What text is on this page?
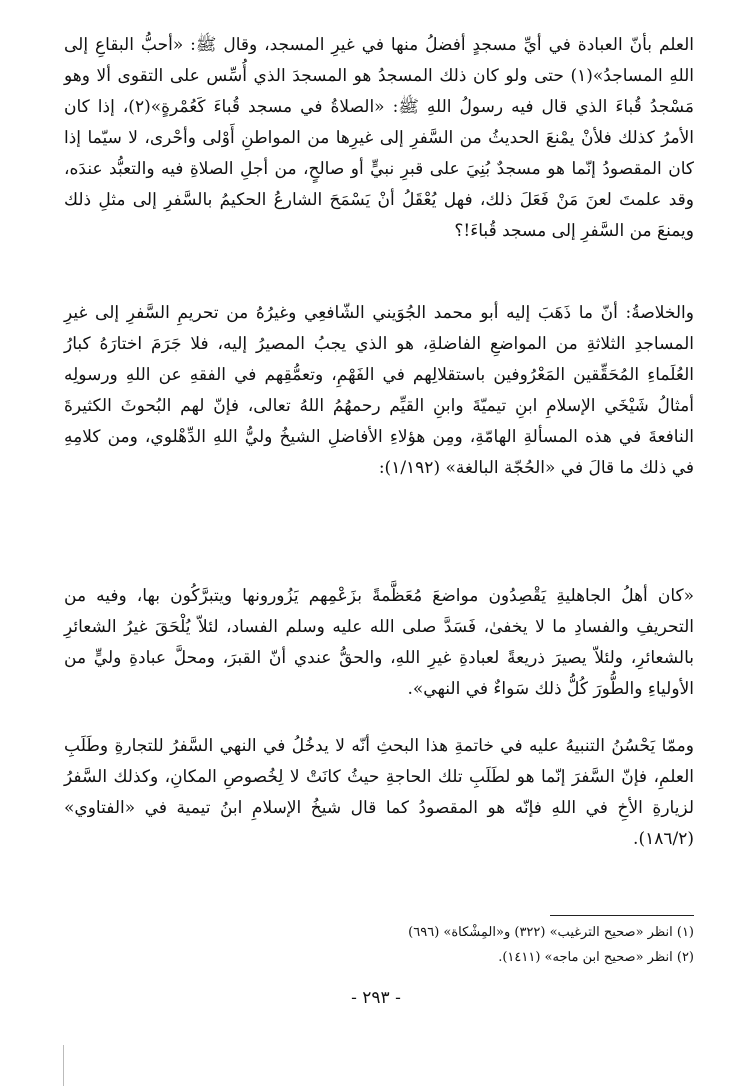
العلم بأنّ العبادة في أيِّ مسجدٍ أفضلُ منها في غيرِ المسجد، وقال ﷺ: «أحبُّ البقاعِ إلى اللهِ المساجدُ»(١) حتى ولو كان ذلك المسجدُ هو المسجدَ الذي أُسِّس على التقوى ألا وهو مَسْجدُ قُباءَ الذي قال فيه رسولُ اللهِ ﷺ: «الصلاةُ في مسجد قُباءَ كَعُمْرةٍ»(٢)، إذا كان الأمرُ كذلك فلأنْ يمْنعَ الحديثُ من السَّفرِ إلى غيرِها من المواطنِ أَوْلى وأحْرى، لا سيّما إذا كان المقصودُ إنّما هو مسجدٌ بُنِيَ على قبرِ نبيٍّ أو صالحٍ، من أجلِ الصلاةِ فيه والتعبُّد عندَه، وقد علمتَ لعنَ مَنْ فَعَلَ ذلك، فهل يُعْقَلُ أنْ يَسْمَحَ الشارعُ الحكيمُ بالسَّفرِ إلى مثلِ ذلك ويمنعَ من السَّفرِ إلى مسجد قُباءَ!؟

والخلاصةُ: أنّ ما ذَهَبَ إليه أبو محمد الجُوَيني الشّافعِي وغيرُهُ من تحريمِ السَّفرِ إلى غيرِ المساجدِ الثلاثةِ من المواضعِ الفاضلةِ، هو الذي يجبُ المصيرُ إليه، فلا جَرَمَ اختارَهُ كبارُ العُلَماءِ المُحَقِّقين المَعْرُوفين باستقلالِهم في الفَهْمِ، وتعمُّقِهم في الفقهِ عن اللهِ ورسولِه أمثالُ شَيْخَي الإسلامِ ابنِ تيميّةَ وابنِ القيِّم رحمهُمُ اللهُ تعالى، فإنّ لهم البُحوثَ الكثيرةَ النافعةَ في هذه المسألةِ الهامّةِ، ومِن هؤلاءِ الأفاضلِ الشيخُ وليُّ اللهِ الدِّهْلوي، ومن كلامِهِ في ذلك ما قالَ في «الحُجّة البالغة» (١/١٩٢):

«كان أهلُ الجاهليةِ يَقْصِدُون مواضعَ مُعَظَّمةً بزَعْمِهم يَزُورونها ويتبرَّكُون بها، وفيه من التحريفِ والفسادِ ما لا يخفىٰ، فَسَدَّ صلى الله عليه وسلم الفساد، لئلاّ يُلْحَقَ غيرُ الشعائرِ بالشعائرِ، ولئلاّ يصيرَ ذريعةً لعبادةِ غيرِ اللهِ، والحقُّ عندي أنّ القبرَ، ومحلَّ عبادةِ وليٍّ من الأولياءِ والطُّورَ كُلُّ ذلك سَواءٌ في النهي».

وممّا يَحْسُنُ التنبيهُ عليه في خاتمةِ هذا البحثِ أنّه لا يدخُلُ في النهي السَّفرُ للتجارةِ وطَلَبِ العلمِ، فإنّ السَّفرَ إنّما هو لطَلَبِ تلك الحاجةِ حيثُ كانَتْ لا لِخُصوصِ المكانِ، وكذلك السَّفرُ لزيارةِ الأخِ في اللهِ فإنّه هو المقصودُ كما قال شيخُ الإسلامِ ابنُ تيمية في «الفتاوي» (١٨٦/٢).

(١) انظر «صحيح الترغيب» (٣٢٢) و«المِشْكاة» (٦٩٦)

(٢) انظر «صحيح ابن ماجه» (١٤١١).

- ٢٩٣ -
